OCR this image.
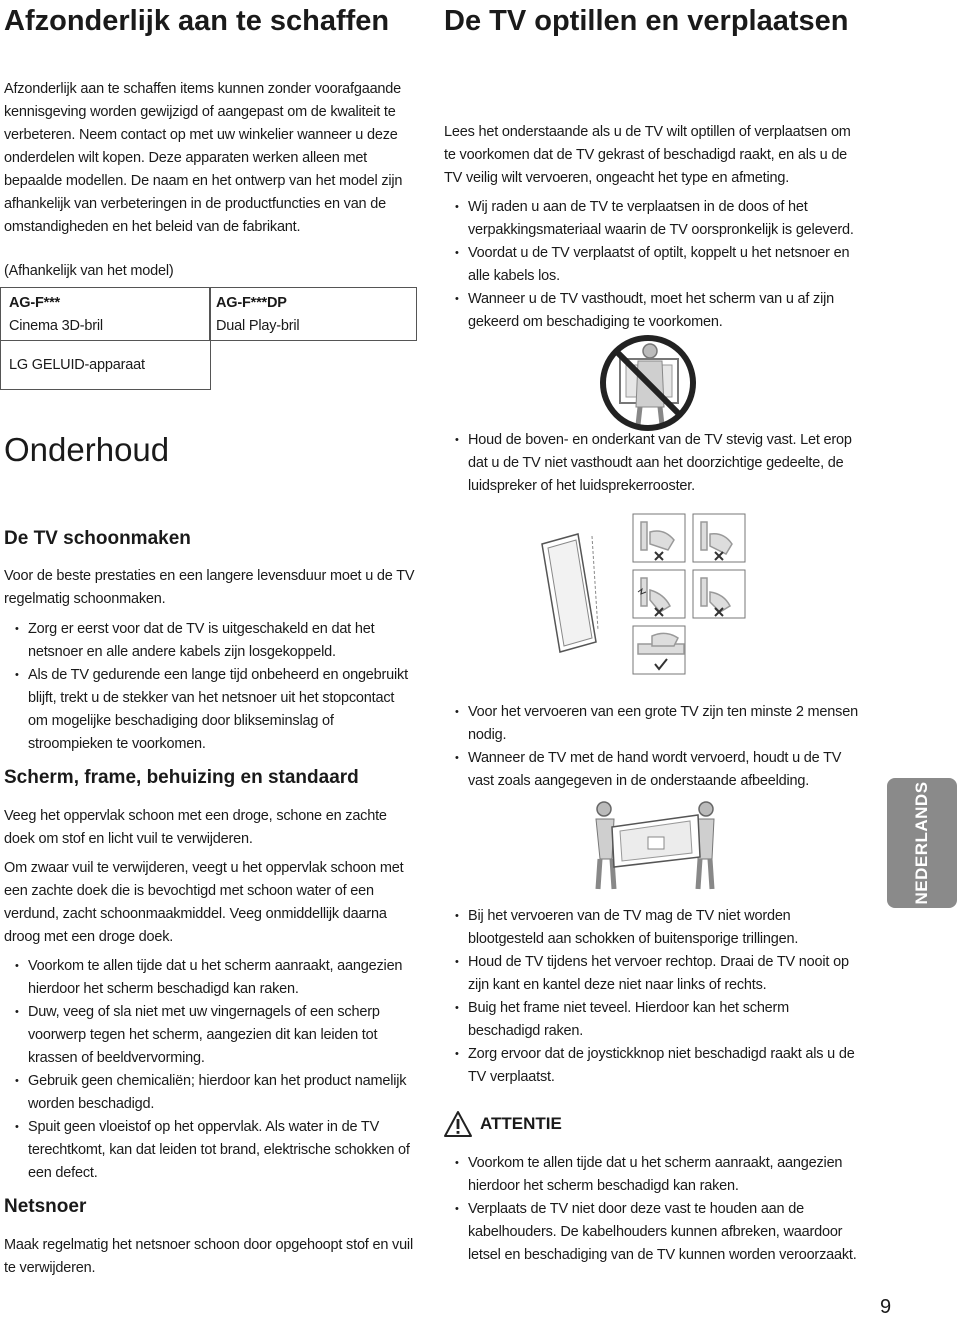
Afzonderlijk aan te schaffen

Afzonderlijk aan te schaffen items kunnen zonder voorafgaande kennisgeving worden gewijzigd of aangepast om de kwaliteit te verbeteren. Neem contact op met uw winkelier wanneer u deze onderdelen wilt kopen. Deze apparaten werken alleen met bepaalde modellen. De naam en het ontwerp van het model zijn afhankelijk van verbeteringen in de productfuncties en van de omstandigheden en het beleid van de fabrikant.

(Afhankelijk van het model)

AG-F***
Cinema 3D-bril
AG-F***DP
Dual Play-bril
LG GELUID-apparaat
Onderhoud
De TV schoonmaken

Voor de beste prestaties en een langere levensduur moet u de TV regelmatig schoonmaken.

• Zorg er eerst voor dat de TV is uitgeschakeld en dat het netsnoer en alle andere kabels zijn losgekoppeld.
• Als de TV gedurende een lange tijd onbeheerd en ongebruikt blijft, trekt u de stekker van het netsnoer uit het stopcontact om mogelijke beschadiging door blikseminslag of stroompieken te voorkomen.
Scherm, frame, behuizing en standaard

Veeg het oppervlak schoon met een droge, schone en zachte doek om stof en licht vuil te verwijderen.

Om zwaar vuil te verwijderen, veegt u het oppervlak schoon met een zachte doek die is bevochtigd met schoon water of een verdund, zacht schoonmaakmiddel. Veeg onmiddellijk daarna droog met een droge doek.

• Voorkom te allen tijde dat u het scherm aanraakt, aangezien hierdoor het scherm beschadigd kan raken.
• Duw, veeg of sla niet met uw vingernagels of een scherp voorwerp tegen het scherm, aangezien dit kan leiden tot krassen of beeldvervorming.
• Gebruik geen chemicaliën; hierdoor kan het product namelijk worden beschadigd.
• Spuit geen vloeistof op het oppervlak. Als water in de TV terechtkomt, kan dat leiden tot brand, elektrische schokken of een defect.
Netsnoer

Maak regelmatig het netsnoer schoon door opgehoopt stof en vuil te verwijderen.

De TV optillen en verplaatsen

Lees het onderstaande als u de TV wilt optillen of verplaatsen om te voorkomen dat de TV gekrast of beschadigd raakt, en als u de TV veilig wilt vervoeren, ongeacht het type en afmeting.

• Wij raden u aan de TV te verplaatsen in de doos of het verpakkingsmateriaal waarin de TV oorspronkelijk is geleverd.
• Voordat u de TV verplaatst of optilt, koppelt u het netsnoer en alle kabels los.
• Wanneer u de TV vasthoudt, moet het scherm van u af zijn gekeerd om beschadiging te voorkomen.
• Houd de boven- en onderkant van de TV stevig vast. Let erop dat u de TV niet vasthoudt aan het doorzichtige gedeelte, de luidspreker of het luidsprekerrooster.
• Voor het vervoeren van een grote TV zijn ten minste 2 mensen nodig.
• Wanneer de TV met de hand wordt vervoerd, houdt u de TV vast zoals aangegeven in de onderstaande afbeelding.
• Bij het vervoeren van de TV mag de TV niet worden blootgesteld aan schokken of buitensporige trillingen.
• Houd de TV tijdens het vervoer rechtop. Draai de TV nooit op zijn kant en kantel deze niet naar links of rechts.
• Buig het frame niet teveel. Hierdoor kan het scherm beschadigd raken.
• Zorg ervoor dat de joystickknop niet beschadigd raakt als u de TV verplaatst.
ATTENTIE
• Voorkom te allen tijde dat u het scherm aanraakt, aangezien hierdoor het scherm beschadigd kan raken.
• Verplaats de TV niet door deze vast te houden aan de kabelhouders. De kabelhouders kunnen afbreken, waardoor letsel en beschadiging van de TV kunnen worden veroorzaakt.
NEDERLANDS
9
